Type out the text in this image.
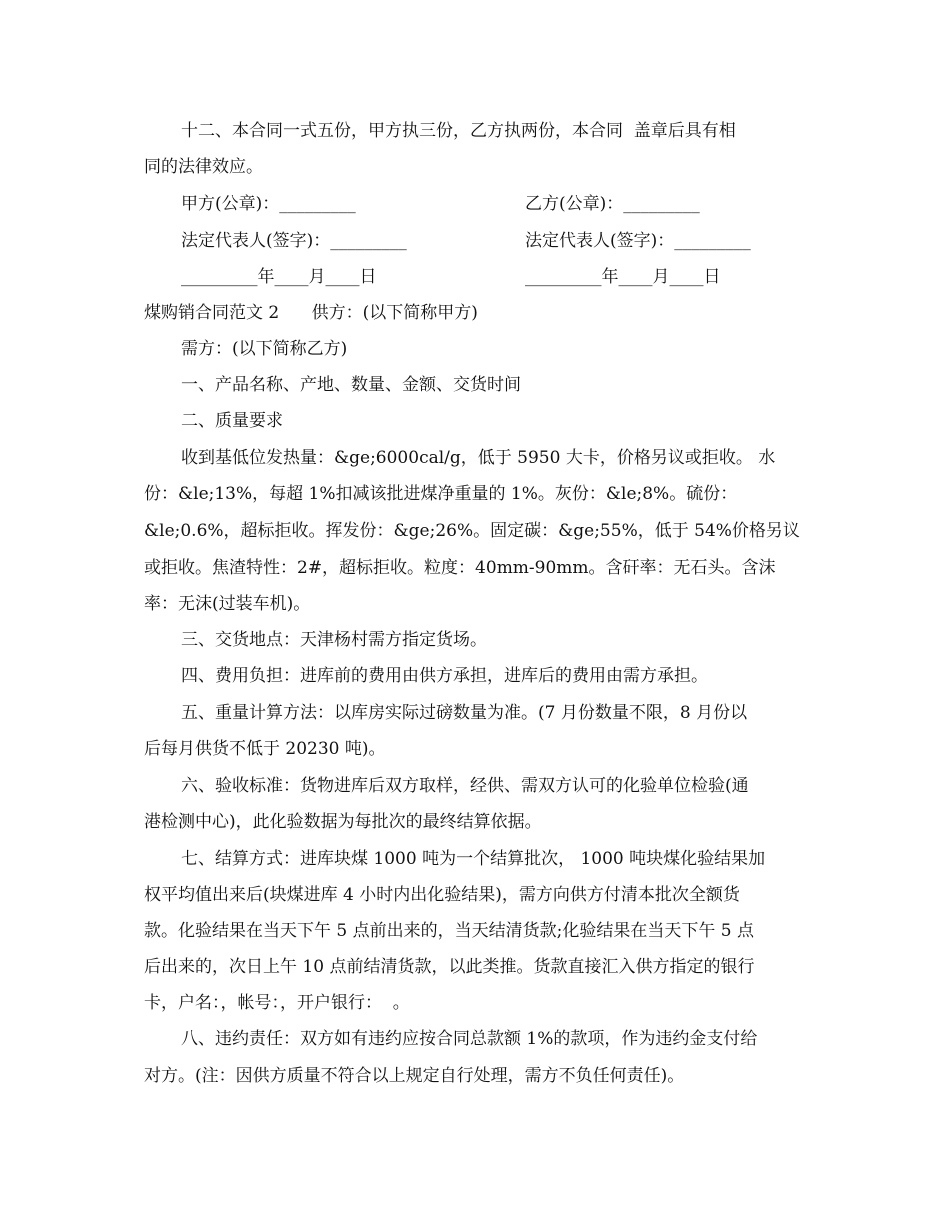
十二、本合同一式五份，甲方执三份，乙方执两份，本合同  盖章后具有相
同的法律效应。
甲方(公章)：_________	乙方(公章)：_________
法定代表人(签字)：_________	法定代表人(签字)：_________
_________年____月____日	_________年____月____日
煤购销合同范文 2      供方：(以下简称甲方)
需方：(以下简称乙方)
一、产品名称、产地、数量、金额、交货时间
二、质量要求
收到基低位发热量：&ge;6000cal/g，低于 5950 大卡，价格另议或拒收。 水
份：&le;13%，每超 1%扣减该批进煤净重量的 1%。灰份：&le;8%。硫份：
&le;0.6%，超标拒收。挥发份：&ge;26%。固定碳：&ge;55%，低于 54%价格另议
或拒收。焦渣特性：2#，超标拒收。粒度：40mm-90mm。含矸率：无石头。含沫
率：无沫(过装车机)。
三、交货地点：天津杨村需方指定货场。
四、费用负担：进库前的费用由供方承担，进库后的费用由需方承担。
五、重量计算方法：以库房实际过磅数量为准。(7 月份数量不限，8 月份以
后每月供货不低于 20230 吨)。
六、验收标准：货物进库后双方取样，经供、需双方认可的化验单位检验(通
港检测中心)，此化验数据为每批次的最终结算依据。
七、结算方式：进库块煤 1000 吨为一个结算批次， 1000 吨块煤化验结果加
权平均值出来后(块煤进库 4 小时内出化验结果)，需方向供方付清本批次全额货
款。化验结果在当天下午 5 点前出来的，当天结清货款;化验结果在当天下午 5 点
后出来的，次日上午 10 点前结清货款，以此类推。货款直接汇入供方指定的银行
卡，户名：，帐号：，开户银行：  。
八、违约责任：双方如有违约应按合同总款额 1%的款项，作为违约金支付给
对方。(注：因供方质量不符合以上规定自行处理，需方不负任何责任)。
